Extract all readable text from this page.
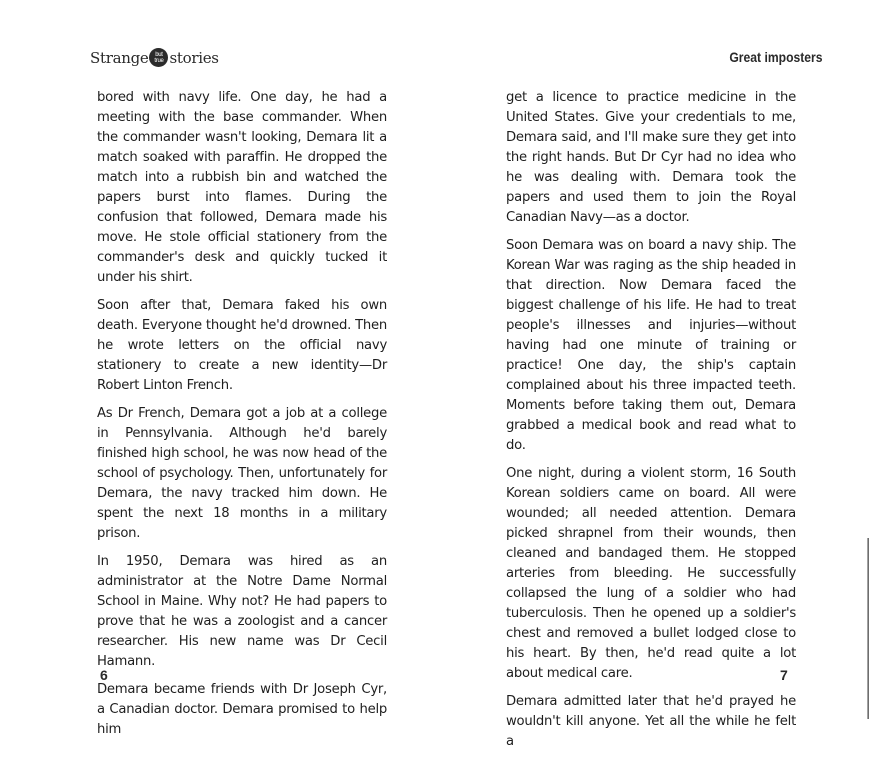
Strange but
true stories

bored with navy life. One day, he had a meeting with the base commander. When the commander wasn't looking, Demara lit a match soaked with paraffin. He dropped the match into a rubbish bin and watched the papers burst into flames. During the confusion that followed, Demara made his move. He stole official stationery from the commander's desk and quickly tucked it under his shirt.

Soon after that, Demara faked his own death. Everyone thought he'd drowned. Then he wrote letters on the official navy stationery to create a new identity—Dr Robert Linton French.

As Dr French, Demara got a job at a college in Pennsylvania. Although he'd barely finished high school, he was now head of the school of psychology. Then, unfortunately for Demara, the navy tracked him down. He spent the next 18 months in a military prison.

In 1950, Demara was hired as an administrator at the Notre Dame Normal School in Maine. Why not? He had papers to prove that he was a zoologist and a cancer researcher. His new name was Dr Cecil Hamann.

Demara became friends with Dr Joseph Cyr, a Canadian doctor. Demara promised to help him

6
Great imposters

get a licence to practice medicine in the United States. Give your credentials to me, Demara said, and I'll make sure they get into the right hands. But Dr Cyr had no idea who he was dealing with. Demara took the papers and used them to join the Royal Canadian Navy—as a doctor.

Soon Demara was on board a navy ship. The Korean War was raging as the ship headed in that direction. Now Demara faced the biggest challenge of his life. He had to treat people's illnesses and injuries—without having had one minute of training or practice! One day, the ship's captain complained about his three impacted teeth. Moments before taking them out, Demara grabbed a medical book and read what to do.

One night, during a violent storm, 16 South Korean soldiers came on board. All were wounded; all needed attention. Demara picked shrapnel from their wounds, then cleaned and bandaged them. He stopped arteries from bleeding. He successfully collapsed the lung of a soldier who had tuberculosis. Then he opened up a soldier's chest and removed a bullet lodged close to his heart. By then, he'd read quite a lot about medical care.

Demara admitted later that he'd prayed he wouldn't kill anyone. Yet all the while he felt a

7
